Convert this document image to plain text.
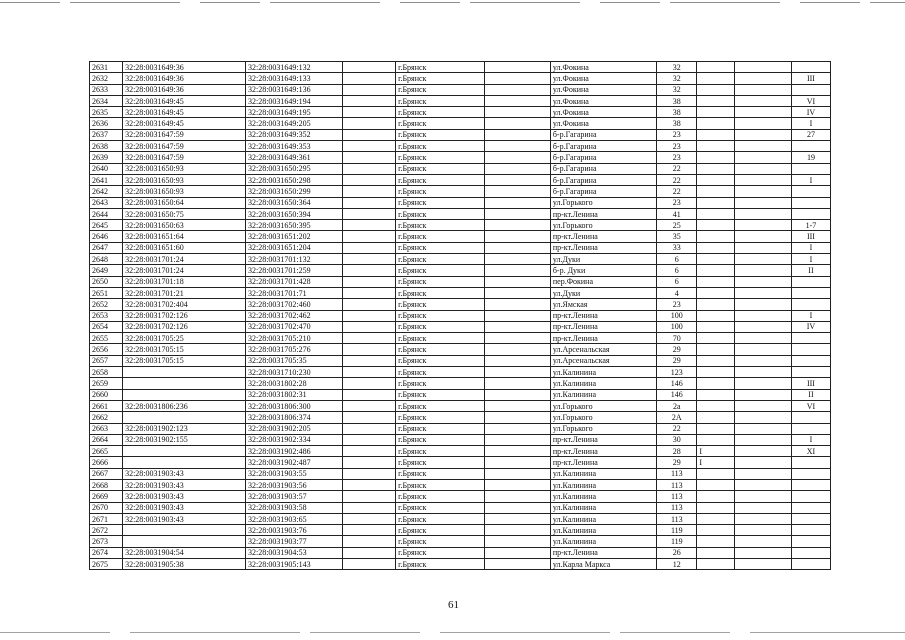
2631	32:28:0031649:36	32:28:0031649:132		г.Брянск		ул.Фокина	32			
2632	32:28:0031649:36	32:28:0031649:133		г.Брянск		ул.Фокина	32			III
2633	32:28:0031649:36	32:28:0031649:136		г.Брянск		ул.Фокина	32			
2634	32:28:0031649:45	32:28:0031649:194		г.Брянск		ул.Фокина	38			VI
2635	32:28:0031649:45	32:28:0031649:195		г.Брянск		ул.Фокина	38			IV
2636	32:28:0031649:45	32:28:0031649:205		г.Брянск		ул.Фокина	38			I
2637	32:28:0031647:59	32:28:0031649:352		г.Брянск		б-р.Гагарина	23			27
2638	32:28:0031647:59	32:28:0031649:353		г.Брянск		б-р.Гагарина	23			
2639	32:28:0031647:59	32:28:0031649:361		г.Брянск		б-р.Гагарина	23			19
2640	32:28:0031650:93	32:28:0031650:295		г.Брянск		б-р.Гагарина	22			
2641	32:28:0031650:93	32:28:0031650:298		г.Брянск		б-р.Гагарина	22			I
2642	32:28:0031650:93	32:28:0031650:299		г.Брянск		б-р.Гагарина	22			
2643	32:28:0031650:64	32:28:0031650:364		г.Брянск		ул.Горького	23			
2644	32:28:0031650:75	32:28:0031650:394		г.Брянск		пр-кт.Ленина	41			
2645	32:28:0031650:63	32:28:0031650:395		г.Брянск		ул.Горького	25			1-7
2646	32:28:0031651:64	32:28:0031651:202		г.Брянск		пр-кт.Ленина	35			III
2647	32:28:0031651:60	32:28:0031651:204		г.Брянск		пр-кт.Ленина	33			I
2648	32:28:0031701:24	32:28:0031701:132		г.Брянск		ул.Дуки	6			I
2649	32:28:0031701:24	32:28:0031701:259		г.Брянск		б-р. Дуки	6			II
2650	32:28:0031701:18	32:28:0031701:428		г.Брянск		пер.Фокина	6			
2651	32:28:0031701:21	32:28:0031701:71		г.Брянск		ул.Дуки	4			
2652	32:28:0031702:404	32:28:0031702:460		г.Брянск		ул.Ямская	23			
2653	32:28:0031702:126	32:28:0031702:462		г.Брянск		пр-кт.Ленина	100			I
2654	32:28:0031702:126	32:28:0031702:470		г.Брянск		пр-кт.Ленина	100			IV
2655	32:28:0031705:25	32:28:0031705:210		г.Брянск		пр-кт.Ленина	70			
2656	32:28:0031705:15	32:28:0031705:276		г.Брянск		ул.Арсенальская	29			
2657	32:28:0031705:15	32:28:0031705:35		г.Брянск		ул.Арсенальская	29			
2658		32:28:0031710:230		г.Брянск		ул.Калинина	123			
2659		32:28:0031802:28		г.Брянск		ул.Калинина	146			III
2660		32:28:0031802:31		г.Брянск		ул.Калинина	146			II
2661	32:28:0031806:236	32:28:0031806:300		г.Брянск		ул.Горького	2а			VI
2662		32:28:0031806:374		г.Брянск		ул.Горького	2А			
2663	32:28:0031902:123	32:28:0031902:205		г.Брянск		ул.Горького	22			
2664	32:28:0031902:155	32:28:0031902:334		г.Брянск		пр-кт.Ленина	30			I
2665		32:28:0031902:486		г.Брянск		пр-кт.Ленина	28	I		XI
2666		32:28:0031902:487		г.Брянск		пр-кт.Ленина	29	I		
2667	32:28:0031903:43	32:28:0031903:55		г.Брянск		ул.Калинина	113			
2668	32:28:0031903:43	32:28:0031903:56		г.Брянск		ул.Калинина	113			
2669	32:28:0031903:43	32:28:0031903:57		г.Брянск		ул.Калинина	113			
2670	32:28:0031903:43	32:28:0031903:58		г.Брянск		ул.Калинина	113			
2671	32:28:0031903:43	32:28:0031903:65		г.Брянск		ул.Калинина	113			
2672		32:28:0031903:76		г.Брянск		ул.Калинина	119			
2673		32:28:0031903:77		г.Брянск		ул.Калинина	119			
2674	32:28:0031904:54	32:28:0031904:53		г.Брянск		пр-кт.Ленина	26			
2675	32:28:0031905:38	32:28:0031905:143		г.Брянск		ул.Карла Маркса	12			
61
